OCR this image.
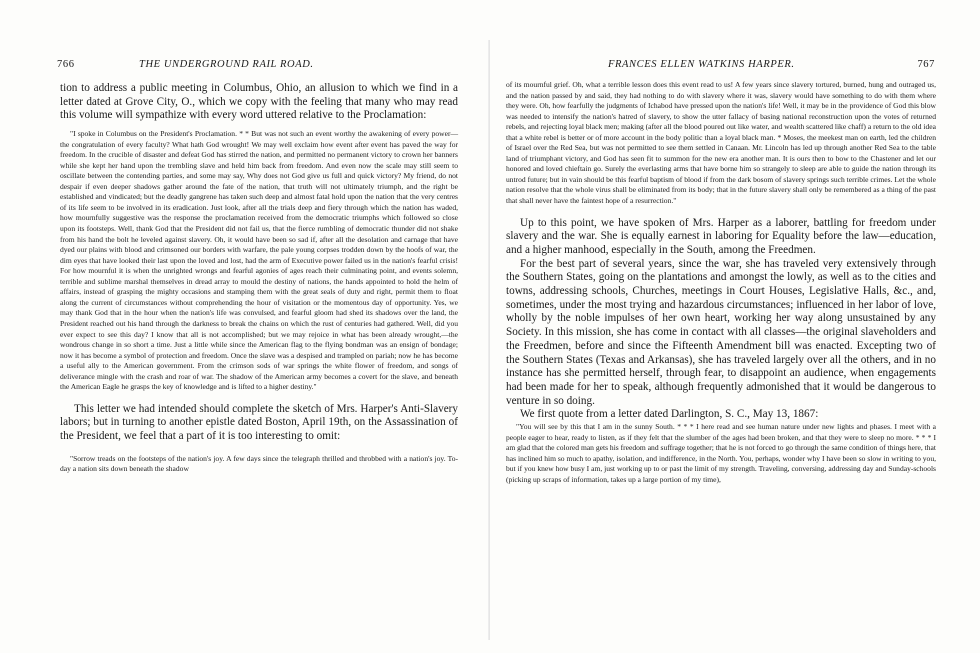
766	THE UNDERGROUND RAIL ROAD.

tion to address a public meeting in Columbus, Ohio, an allusion to which we find in a letter dated at Grove City, O., which we copy with the feeling that many who may read this volume will sympathize with every word uttered relative to the Proclamation:

"I spoke in Columbus on the President's Proclamation. * * But was not such an event worthy the awakening of every power—the congratulation of every faculty? What hath God wrought! We may well exclaim how event after event has paved the way for freedom. In the crucible of disaster and defeat God has stirred the nation, and permitted no permanent victory to crown her banners while she kept her hand upon the trembling slave and held him back from freedom. And even now the scale may still seem to oscillate between the contending parties, and some may say, Why does not God give us full and quick victory? My friend, do not despair if even deeper shadows gather around the fate of the nation, that truth will not ultimately triumph, and the right be established and vindicated; but the deadly gangrene has taken such deep and almost fatal hold upon the nation that the very centres of its life seem to be involved in its eradication. Just look, after all the trials deep and fiery through which the nation has waded, how mournfully suggestive was the response the proclamation received from the democratic triumphs which followed so close upon its footsteps. Well, thank God that the President did not fail us, that the fierce rumbling of democratic thunder did not shake from his hand the bolt he leveled against slavery. Oh, it would have been so sad if, after all the desolation and carnage that have dyed our plains with blood and crimsoned our borders with warfare, the pale young corpses trodden down by the hoofs of war, the dim eyes that have looked their last upon the loved and lost, had the arm of Executive power failed us in the nation's fearful crisis! For how mournful it is when the unrighted wrongs and fearful agonies of ages reach their culminating point, and events solemn, terrible and sublime marshal themselves in dread array to mould the destiny of nations, the hands appointed to hold the helm of affairs, instead of grasping the mighty occasions and stamping them with the great seals of duty and right, permit them to float along the current of circumstances without comprehending the hour of visitation or the momentous day of opportunity. Yes, we may thank God that in the hour when the nation's life was convulsed, and fearful gloom had shed its shadows over the land, the President reached out his hand through the darkness to break the chains on which the rust of centuries had gathered. Well, did you ever expect to see this day? I know that all is not accomplished; but we may rejoice in what has been already wrought,—the wondrous change in so short a time. Just a little while since the American flag to the flying bondman was an ensign of bondage; now it has become a symbol of protection and freedom. Once the slave was a despised and trampled on pariah; now he has become a useful ally to the American government. From the crimson sods of war springs the white flower of freedom, and songs of deliverance mingle with the crash and roar of war. The shadow of the American army becomes a covert for the slave, and beneath the American Eagle he grasps the key of knowledge and is lifted to a higher destiny."

This letter we had intended should complete the sketch of Mrs. Harper's Anti-Slavery labors; but in turning to another epistle dated Boston, April 19th, on the Assassination of the President, we feel that a part of it is too interesting to omit:

"Sorrow treads on the footsteps of the nation's joy. A few days since the telegraph thrilled and throbbed with a nation's joy. To-day a nation sits down beneath the shadow

FRANCES ELLEN WATKINS HARPER.	767

of its mournful grief. Oh, what a terrible lesson does this event read to us! A few years since slavery tortured, burned, hung and outraged us, and the nation passed by and said, they had nothing to do with slavery where it was, slavery would have something to do with them where they were. Oh, how fearfully the judgments of Ichabod have pressed upon the nation's life! Well, it may be in the providence of God this blow was needed to intensify the nation's hatred of slavery, to show the utter fallacy of basing national reconstruction upon the votes of returned rebels, and rejecting loyal black men; making (after all the blood poured out like water, and wealth scattered like chaff) a return to the old idea that a white rebel is better or of more account in the body politic than a loyal black man. * Moses, the meekest man on earth, led the children of Israel over the Red Sea, but was not permitted to see them settled in Canaan. Mr. Lincoln has led up through another Red Sea to the table land of triumphant victory, and God has seen fit to summon for the new era another man. It is ours then to bow to the Chastener and let our honored and loved chieftain go. Surely the everlasting arms that have borne him so strangely to sleep are able to guide the nation through its untrod future; but in vain should be this fearful baptism of blood if from the dark bosom of slavery springs such terrible crimes. Let the whole nation resolve that the whole virus shall be eliminated from its body; that in the future slavery shall only be remembered as a thing of the past that shall never have the faintest hope of a resurrection."

Up to this point, we have spoken of Mrs. Harper as a laborer, battling for freedom under slavery and the war. She is equally earnest in laboring for Equality before the law—education, and a higher manhood, especially in the South, among the Freedmen.

For the best part of several years, since the war, she has traveled very extensively through the Southern States, going on the plantations and amongst the lowly, as well as to the cities and towns, addressing schools, Churches, meetings in Court Houses, Legislative Halls, &c., and, sometimes, under the most trying and hazardous circumstances; influenced in her labor of love, wholly by the noble impulses of her own heart, working her way along unsustained by any Society. In this mission, she has come in contact with all classes—the original slaveholders and the Freedmen, before and since the Fifteenth Amendment bill was enacted. Excepting two of the Southern States (Texas and Arkansas), she has traveled largely over all the others, and in no instance has she permitted herself, through fear, to disappoint an audience, when engagements had been made for her to speak, although frequently admonished that it would be dangerous to venture in so doing.

We first quote from a letter dated Darlington, S. C., May 13, 1867:

"You will see by this that I am in the sunny South. * * * I here read and see human nature under new lights and phases. I meet with a people eager to hear, ready to listen, as if they felt that the slumber of the ages had been broken, and that they were to sleep no more. * * * I am glad that the colored man gets his freedom and suffrage together; that he is not forced to go through the same condition of things here, that has inclined him so much to apathy, isolation, and indifference, in the North. You, perhaps, wonder why I have been so slow in writing to you, but if you knew how busy I am, just working up to or past the limit of my strength. Traveling, conversing, addressing day and Sunday-schools (picking up scraps of information, takes up a large portion of my time),
